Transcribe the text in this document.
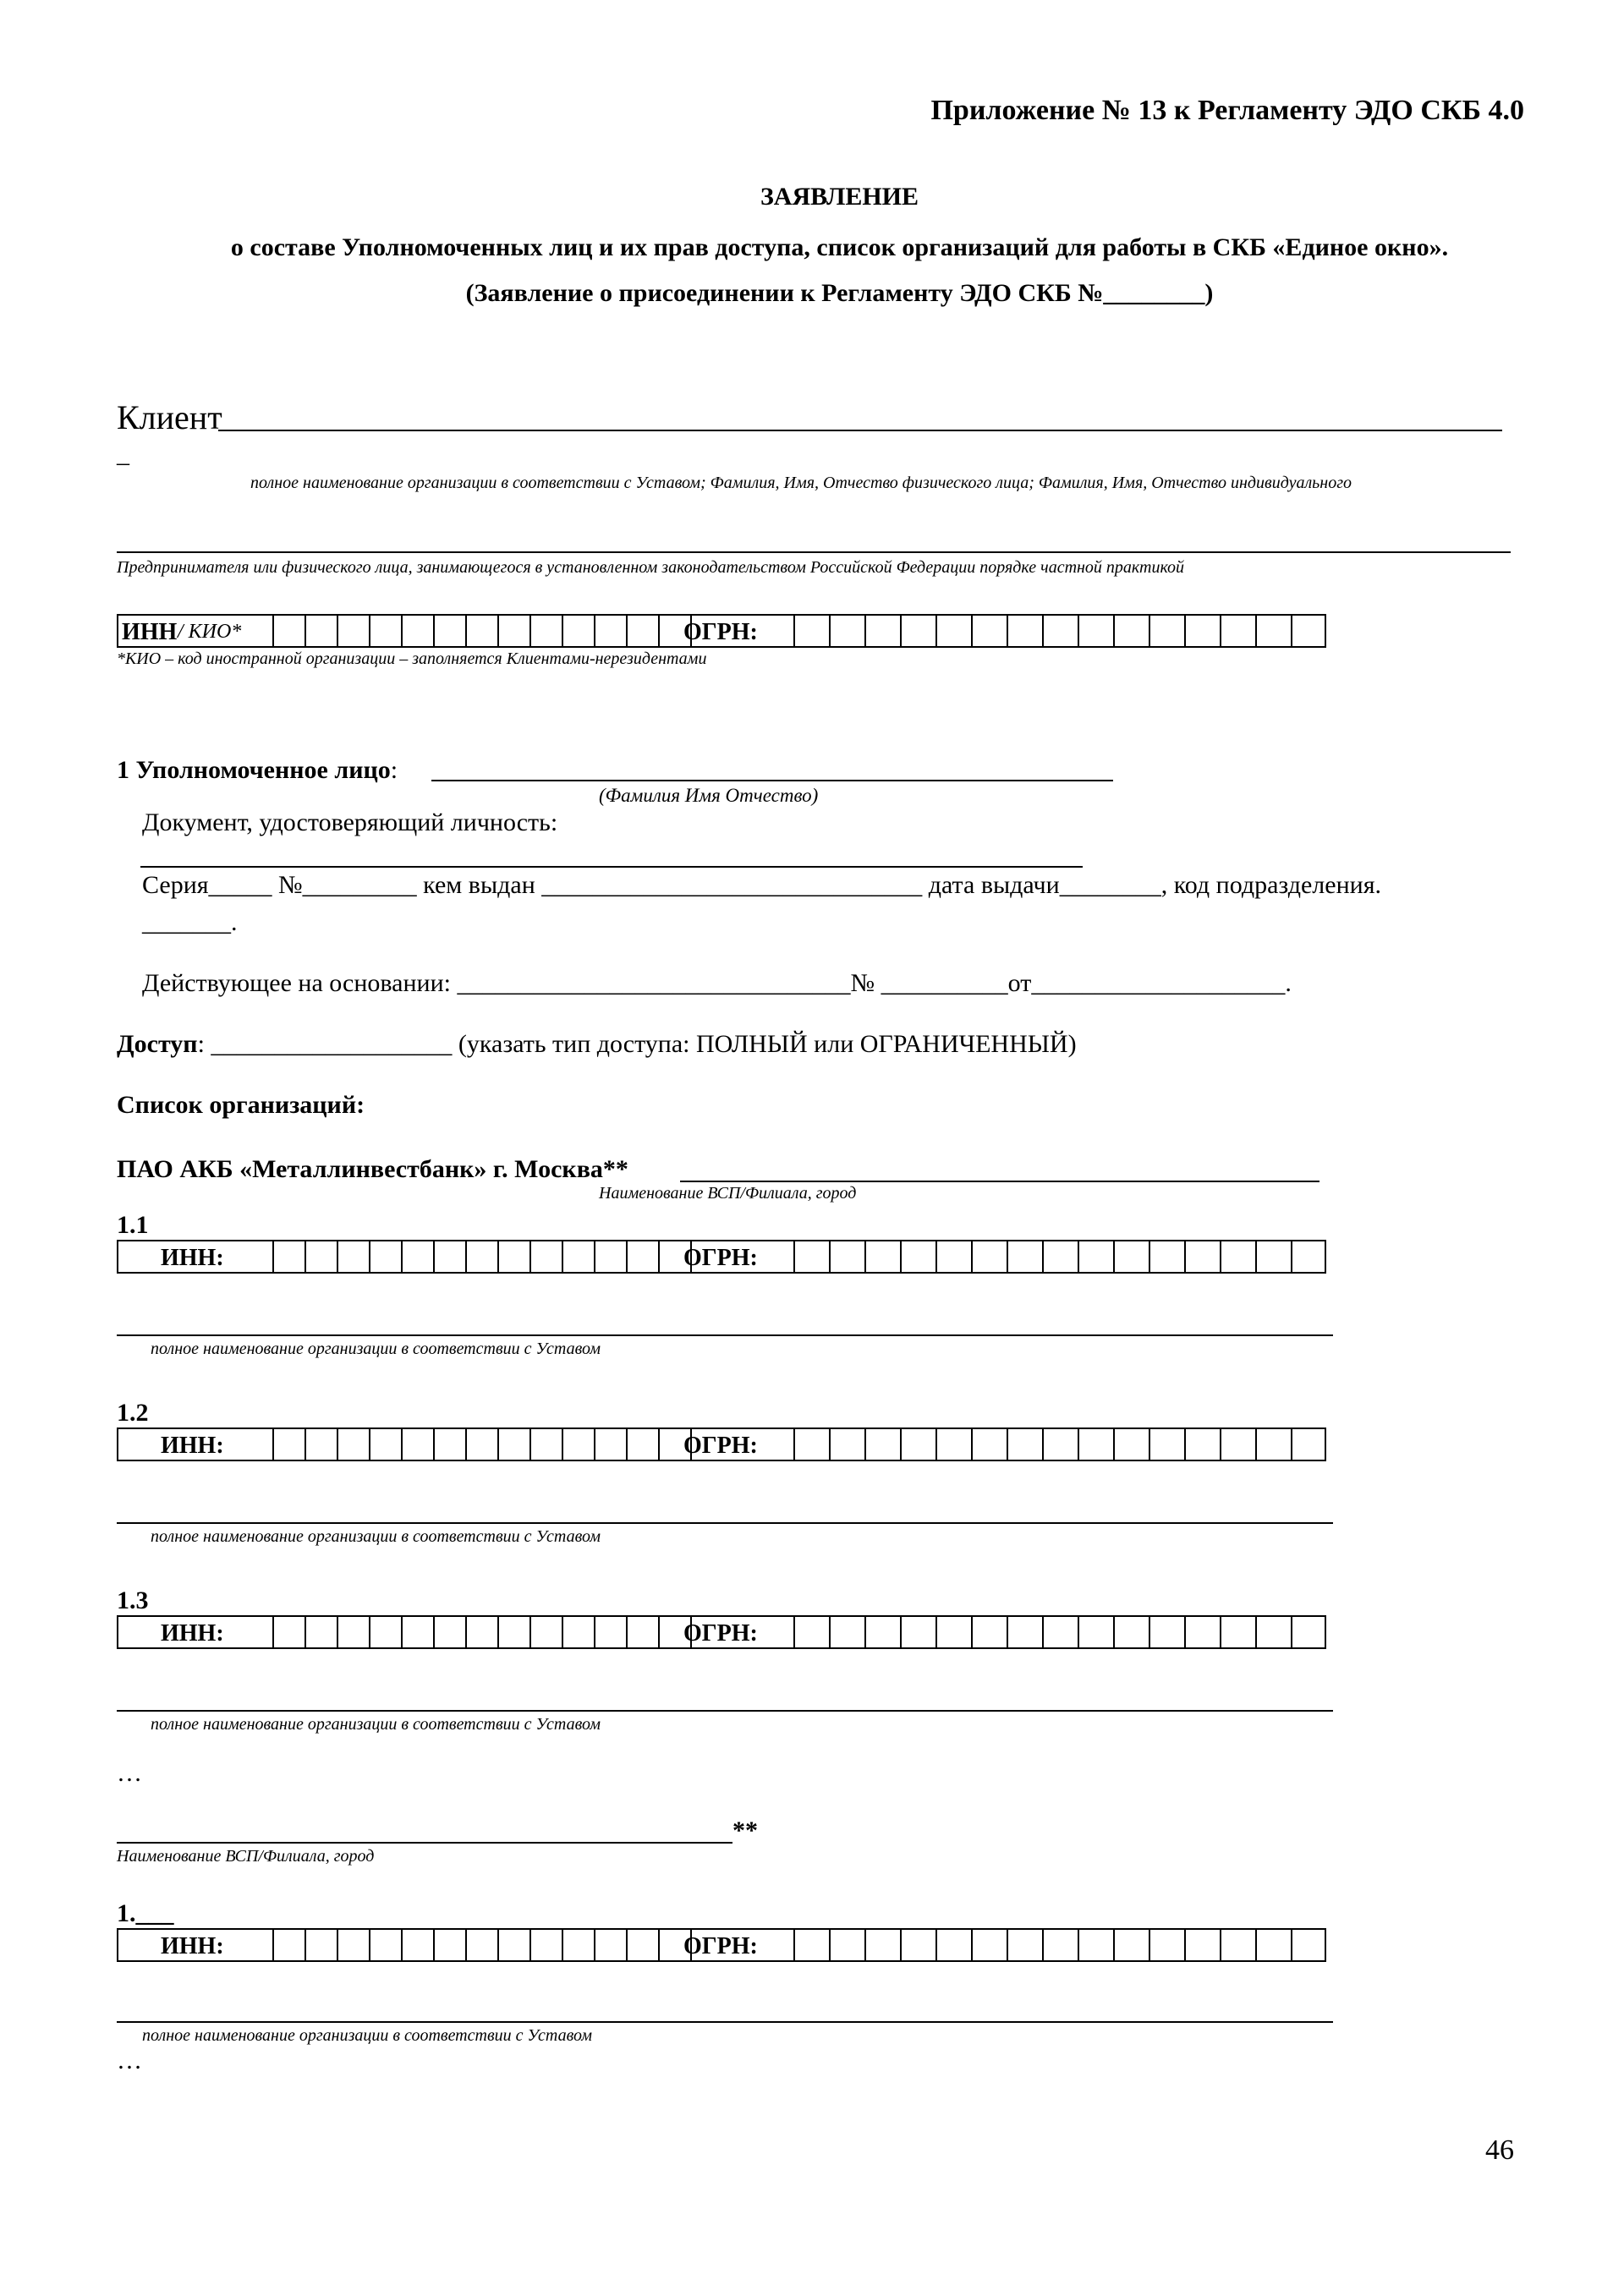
Приложение № 13 к Регламенту ЭДО СКБ 4.0
ЗАЯВЛЕНИЕ
о составе Уполномоченных лиц и их прав доступа, список организаций для работы в СКБ «Единое окно».
(Заявление о присоединении к Регламенту ЭДО СКБ №________)
Клиент
_
полное наименование организации в соответствии с Уставом; Фамилия, Имя, Отчество физического лица; Фамилия, Имя, Отчество индивидуального
Предпринимателя или физического лица, занимающегося в установленном законодательством Российской Федерации порядке частной практикой
ИНН / КИО*	ОГРН:
*КИО – код иностранной организации – заполняется Клиентами-нерезидентами
1 Уполномоченное лицо:
(Фамилия Имя Отчество)
Документ, удостоверяющий личность:
Серия_____ №_________ кем выдан ______________________________ дата выдачи________, код подразделения.
_______.
Действующее на основании: _______________________________№ __________от____________________.
Доступ: ___________________ (указать тип доступа: ПОЛНЫЙ или ОГРАНИЧЕННЫЙ)
Список организаций:
ПАО АКБ «Металлинвестбанк» г. Москва**
Наименование ВСП/Филиала, город
1.1
ИНН:	ОГРН:
полное наименование организации в соответствии с Уставом
1.2
ИНН:	ОГРН:
полное наименование организации в соответствии с Уставом
1.3
ИНН:	ОГРН:
полное наименование организации в соответствии с Уставом
…
**
Наименование ВСП/Филиала, город
1.___
ИНН:	ОГРН:
полное наименование организации в соответствии с Уставом
…
46
